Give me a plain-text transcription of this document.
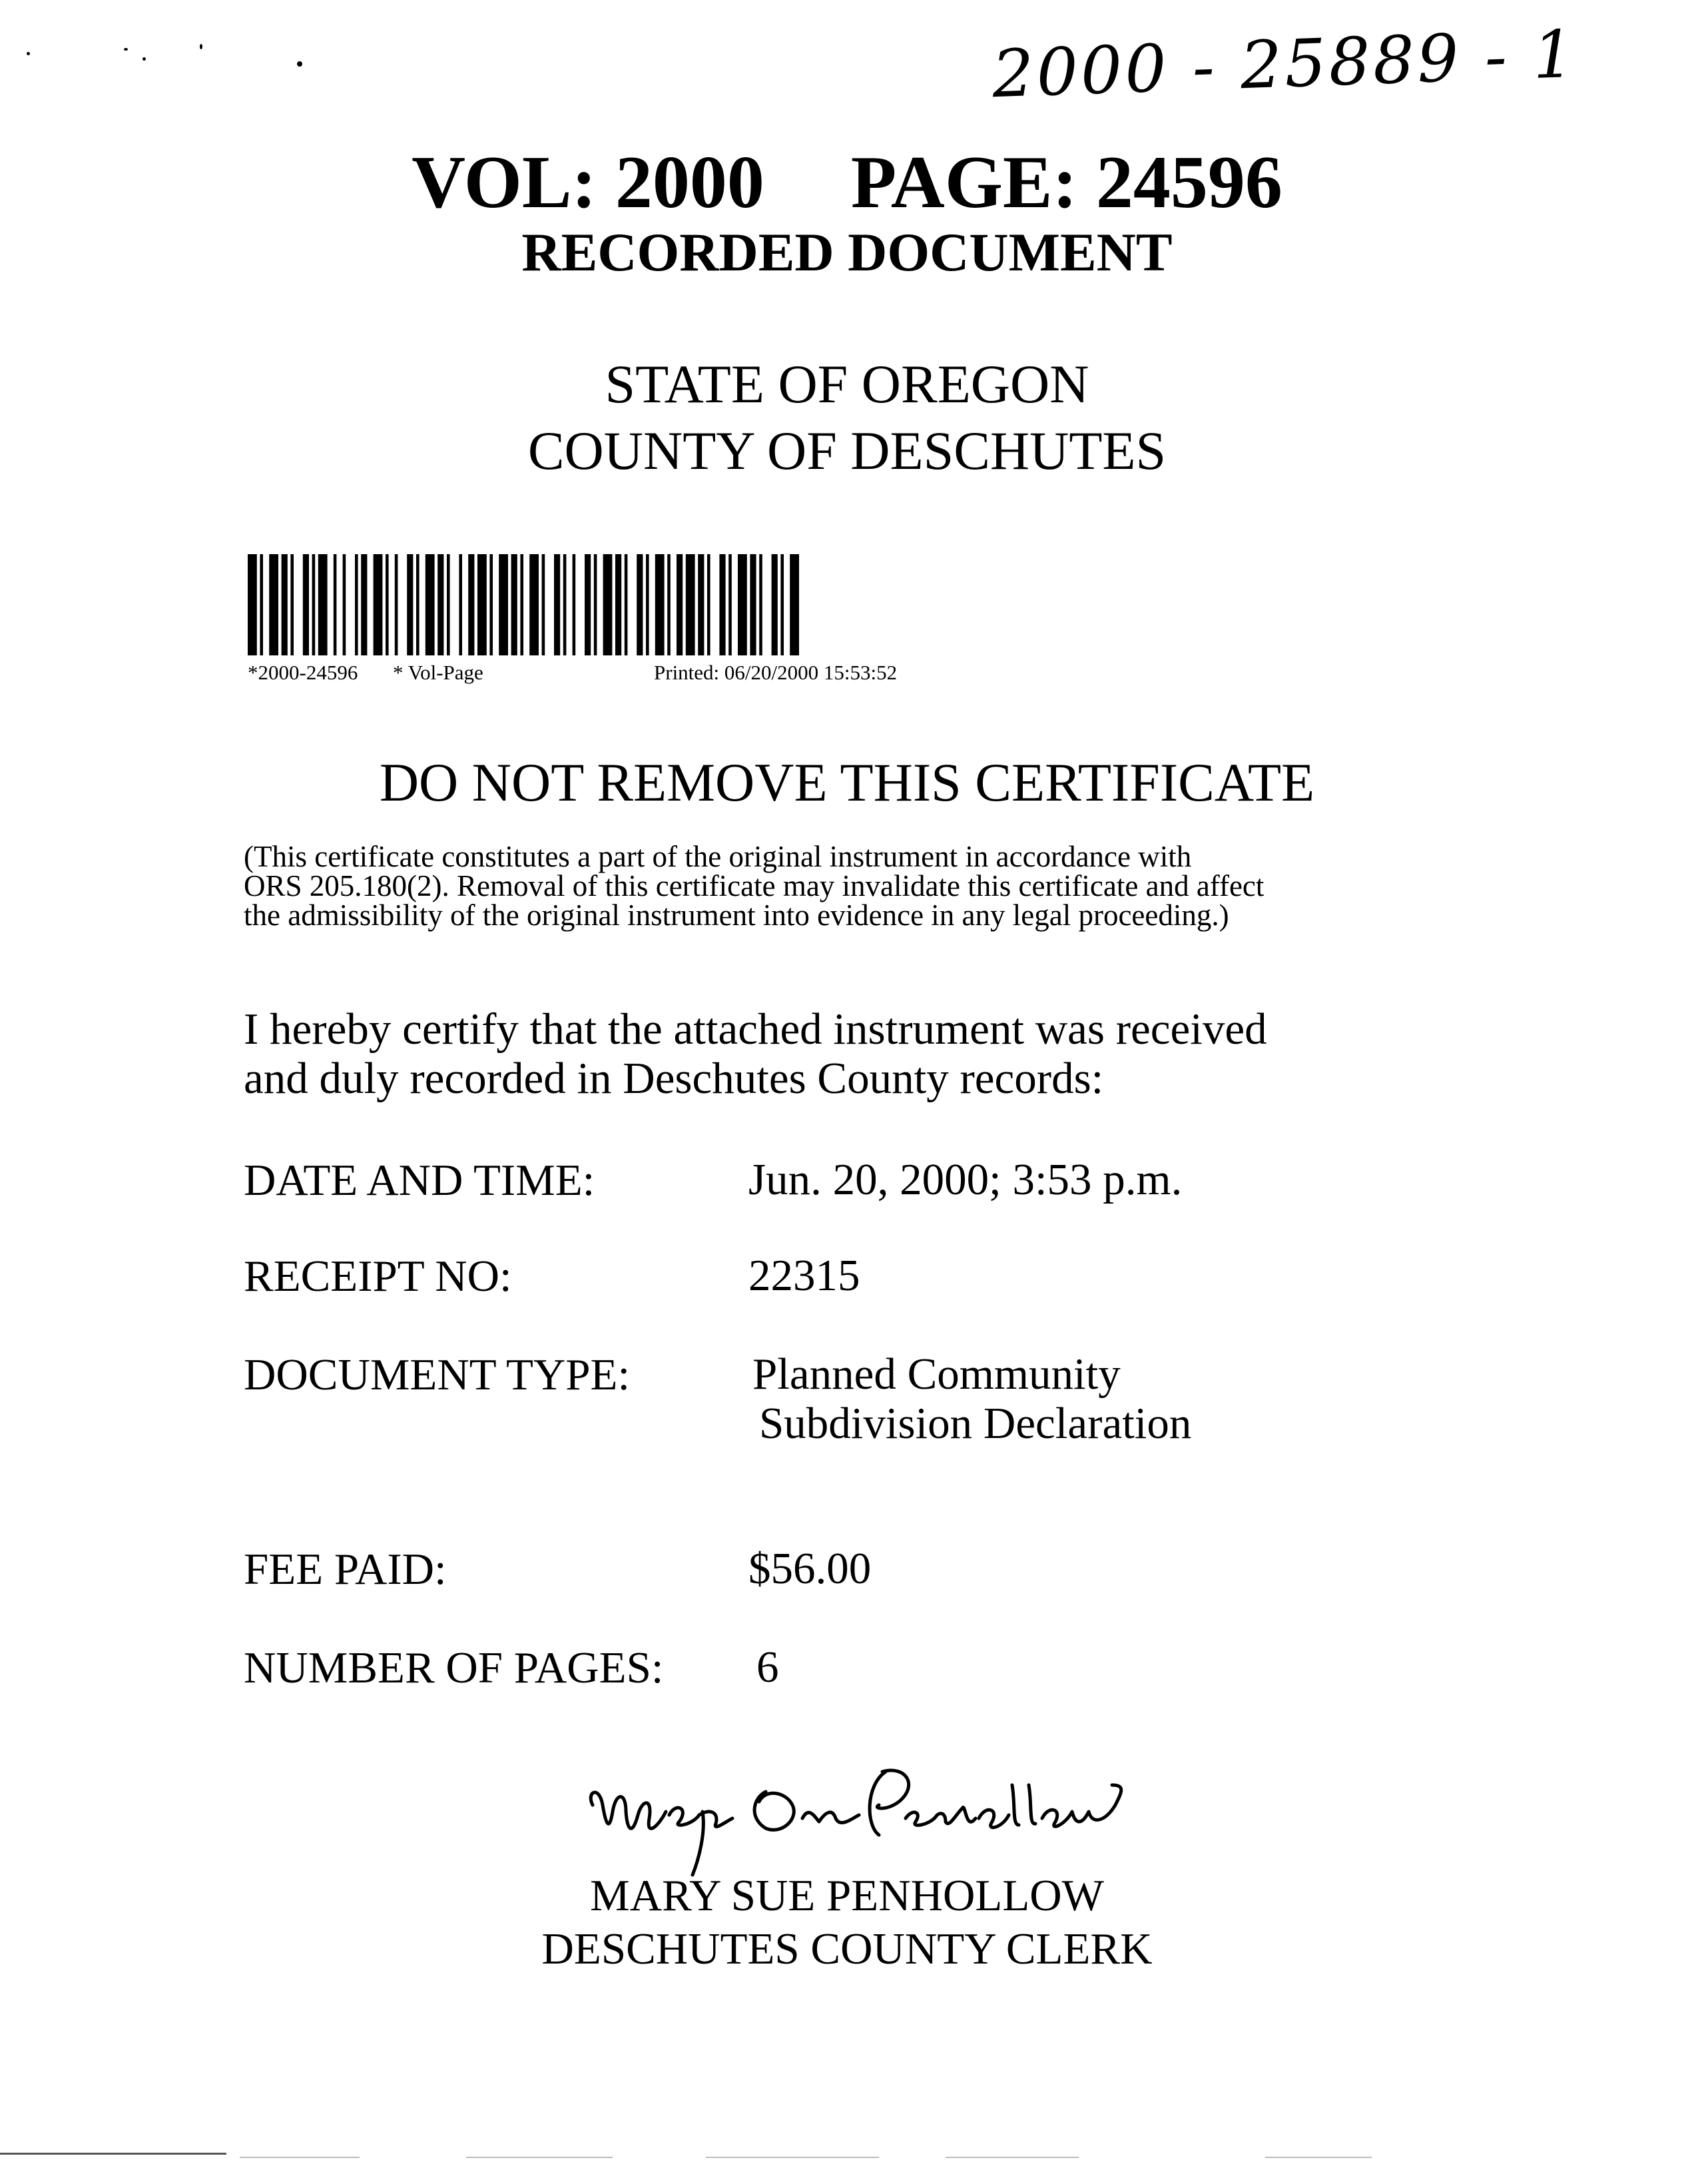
2000 - 25889 - 1
VOL: 2000 PAGE: 24596
RECORDED DOCUMENT
STATE OF OREGON
COUNTY OF DESCHUTES
*2000-24596 * Vol-Page	Printed: 06/20/2000 15:53:52
DO NOT REMOVE THIS CERTIFICATE
(This certificate constitutes a part of the original instrument in accordance with
ORS 205.180(2). Removal of this certificate may invalidate this certificate and affect
the admissibility of the original instrument into evidence in any legal proceeding.)
I hereby certify that the attached instrument was received
and duly recorded in Deschutes County records:
DATE AND TIME:	Jun. 20, 2000; 3:53 p.m.
RECEIPT NO:	22315
DOCUMENT TYPE:	Planned Community
Subdivision Declaration
FEE PAID:	$56.00
NUMBER OF PAGES: 6
MARY SUE PENHOLLOW
DESCHUTES COUNTY CLERK
